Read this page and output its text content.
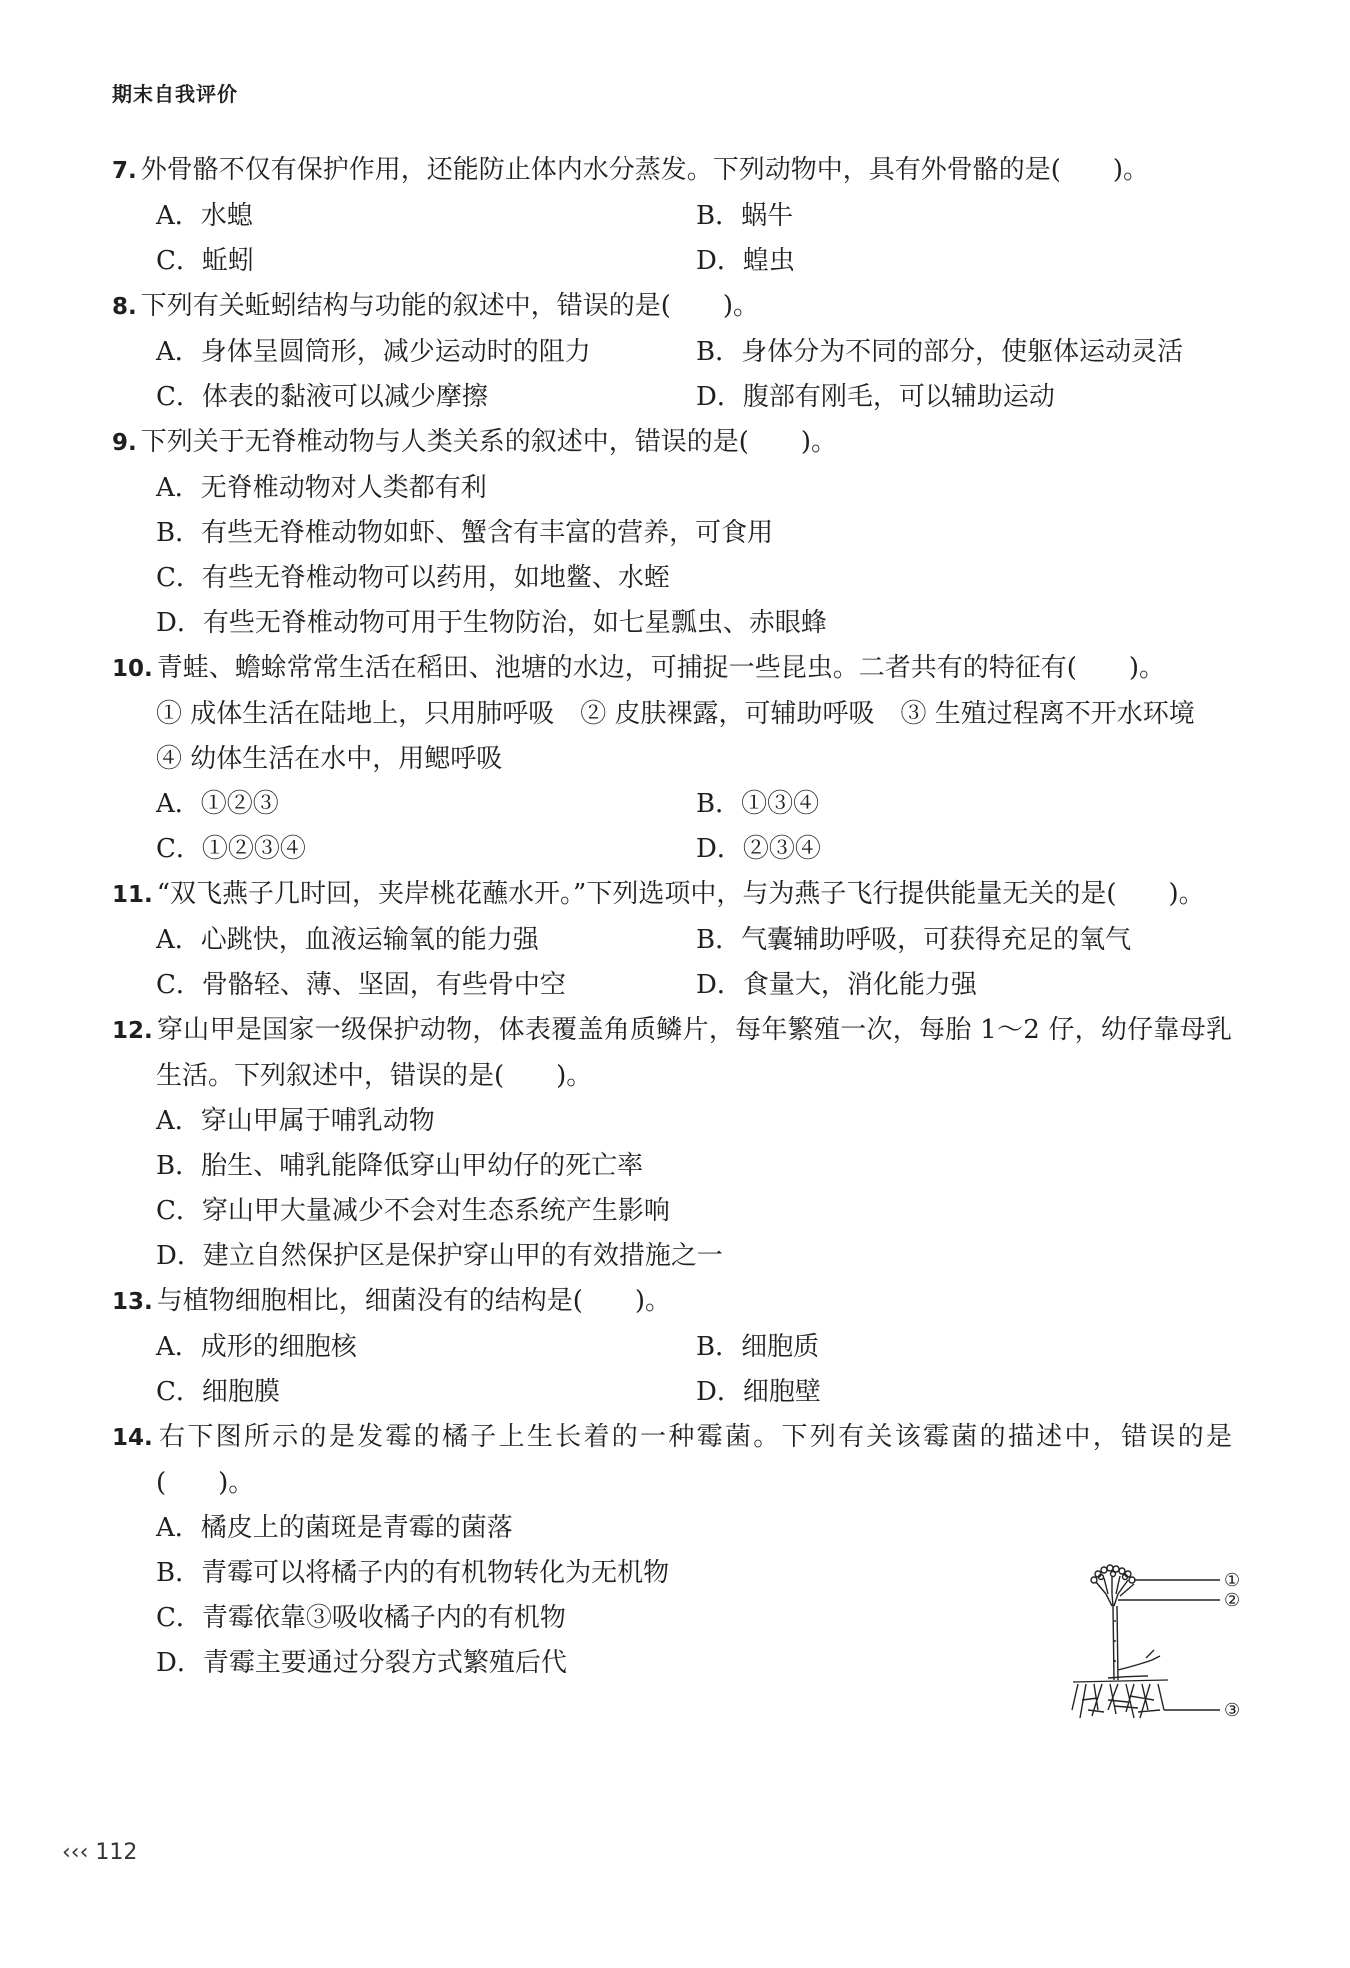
期末自我评价
7. 外骨骼不仅有保护作用，还能防止体内水分蒸发。下列动物中，具有外骨骼的是(　　)。
A．水螅	B．蜗牛
C．蚯蚓	D．蝗虫
8. 下列有关蚯蚓结构与功能的叙述中，错误的是(　　)。
A．身体呈圆筒形，减少运动时的阻力	B．身体分为不同的部分，使躯体运动灵活
C．体表的黏液可以减少摩擦	D．腹部有刚毛，可以辅助运动
9. 下列关于无脊椎动物与人类关系的叙述中，错误的是(　　)。
A．无脊椎动物对人类都有利
B．有些无脊椎动物如虾、蟹含有丰富的营养，可食用
C．有些无脊椎动物可以药用，如地鳖、水蛭
D．有些无脊椎动物可用于生物防治，如七星瓢虫、赤眼蜂
10. 青蛙、蟾蜍常常生活在稻田、池塘的水边，可捕捉一些昆虫。二者共有的特征有(　　)。
① 成体生活在陆地上，只用肺呼吸　② 皮肤裸露，可辅助呼吸　③ 生殖过程离不开水环境　④ 幼体生活在水中，用鳃呼吸
A．①②③	B．①③④
C．①②③④	D．②③④
11. “双飞燕子几时回，夹岸桃花蘸水开。”下列选项中，与为燕子飞行提供能量无关的是(　　)。
A．心跳快，血液运输氧的能力强	B．气囊辅助呼吸，可获得充足的氧气
C．骨骼轻、薄、坚固，有些骨中空	D．食量大，消化能力强
12. 穿山甲是国家一级保护动物，体表覆盖角质鳞片，每年繁殖一次，每胎 1～2 仔，幼仔靠母乳生活。下列叙述中，错误的是(　　)。
A．穿山甲属于哺乳动物
B．胎生、哺乳能降低穿山甲幼仔的死亡率
C．穿山甲大量减少不会对生态系统产生影响
D．建立自然保护区是保护穿山甲的有效措施之一
13. 与植物细胞相比，细菌没有的结构是(　　)。
A．成形的细胞核	B．细胞质
C．细胞膜	D．细胞壁
14. 右下图所示的是发霉的橘子上生长着的一种霉菌。下列有关该霉菌的描述中，错误的是(　　)。
A．橘皮上的菌斑是青霉的菌落
B．青霉可以将橘子内的有机物转化为无机物
C．青霉依靠③吸收橘子内的有机物
D．青霉主要通过分裂方式繁殖后代
①
②
③
‹‹‹ 112
